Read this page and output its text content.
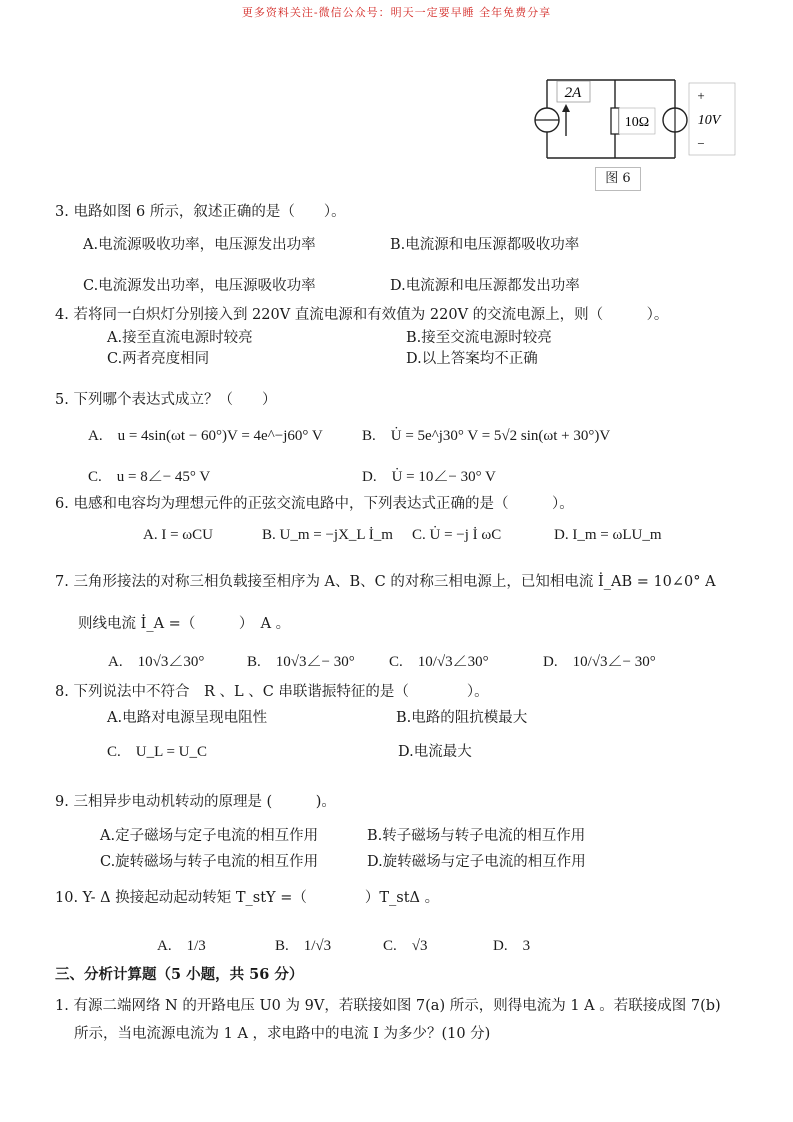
更多资料关注-微信公众号：明天一定要早睡 全年免费分享
2A
10Ω
+
10V
−
图 6
3. 电路如图 6 所示，叙述正确的是（　　）。
A.电流源吸收功率，电压源发出功率	B.电流源和电压源都吸收功率
C.电流源发出功率，电压源吸收功率	D.电流源和电压源都发出功率
4. 若将同一白炽灯分别接入到 220V 直流电源和有效值为 220V 的交流电源上，则（　　　）。
A.接至直流电源时较亮	B.接至交流电源时较亮
C.两者亮度相同	D.以上答案均不正确
5. 下列哪个表达式成立？（　　）
A.　u = 4sin(ωt − 60°)V = 4e^−j60° V	B.　U̇ = 5e^j30° V = 5√2 sin(ωt + 30°)V
C.　u = 8∠− 45° V	D.　U̇ = 10∠− 30° V
6. 电感和电容均为理想元件的正弦交流电路中，下列表达式正确的是（　　　）。
A. I = ωCU	B. U_m = −jX_L İ_m C. U̇ = −j İ ωC	D. I_m = ωLU_m
7. 三角形接法的对称三相负载接至相序为 A、B、C 的对称三相电源上，已知相电流 İ_AB = 10∠0° A
则线电流 İ_A =（　　　）　A 。
A.　10√3∠30°	B.　10√3∠− 30° C.　10/√3∠30°	D.　10/√3∠− 30°
8. 下列说法中不符合　R 、L 、C 串联谐振特征的是（　　　　）。
A.电路对电源呈现电阻性	B.电路的阻抗模最大
C.　U_L = U_C	D.电流最大
9. 三相异步电动机转动的原理是 (　　　)。
A.定子磁场与定子电流的相互作用	B.转子磁场与转子电流的相互作用
C.旋转磁场与转子电流的相互作用	D.旋转磁场与定子电流的相互作用
10. Y- Δ 换接起动起动转矩 T_stY =（　　　　）T_stΔ 。
A.　1/3	B.　1/√3	C.　√3	D.　3
三、分析计算题（5 小题，共 56 分）
1. 有源二端网络 N 的开路电压 U0 为 9V，若联接如图 7(a) 所示，则得电流为 1 A 。若联接成图 7(b)
所示，当电流源电流为 1 A ，求电路中的电流 I 为多少？(10 分)
